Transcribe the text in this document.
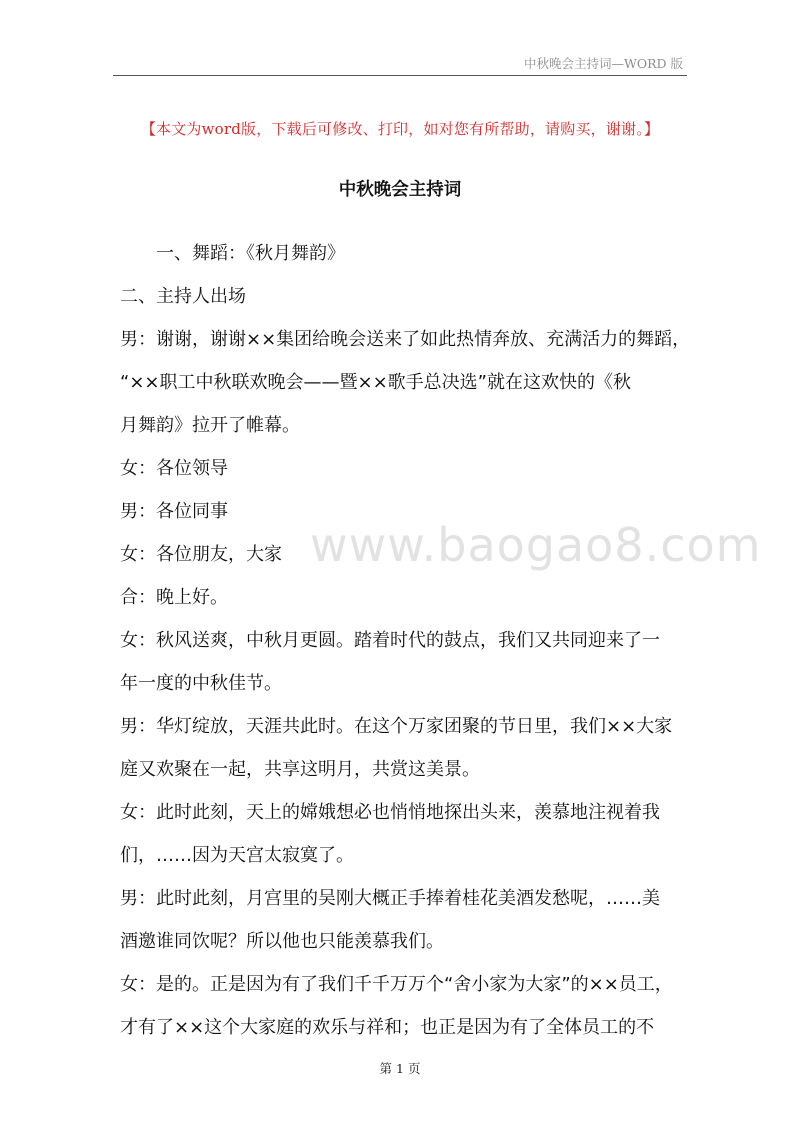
中秋晚会主持词—WORD 版
【本文为word版，下载后可修改、打印，如对您有所帮助，请购买，谢谢。】
中秋晚会主持词

一、舞蹈：《秋月舞韵》

二、主持人出场

男：谢谢，谢谢××集团给晚会送来了如此热情奔放、充满活力的舞蹈，

“××职工中秋联欢晚会——暨××歌手总决选”就在这欢快的《秋

月舞韵》拉开了帷幕。

女：各位领导

男：各位同事

女：各位朋友，大家

合：晚上好。

女：秋风送爽，中秋月更圆。踏着时代的鼓点，我们又共同迎来了一

年一度的中秋佳节。

男：华灯绽放，天涯共此时。在这个万家团聚的节日里，我们××大家

庭又欢聚在一起，共享这明月，共赏这美景。

女：此时此刻，天上的嫦娥想必也悄悄地探出头来，羡慕地注视着我

们，……因为天宫太寂寞了。

男：此时此刻，月宫里的吴刚大概正手捧着桂花美酒发愁呢，……美

酒邀谁同饮呢？所以他也只能羡慕我们。

女：是的。正是因为有了我们千千万万个“舍小家为大家”的××员工，

才有了××这个大家庭的欢乐与祥和；也正是因为有了全体员工的不

www.baogao8.com
第 1 页
